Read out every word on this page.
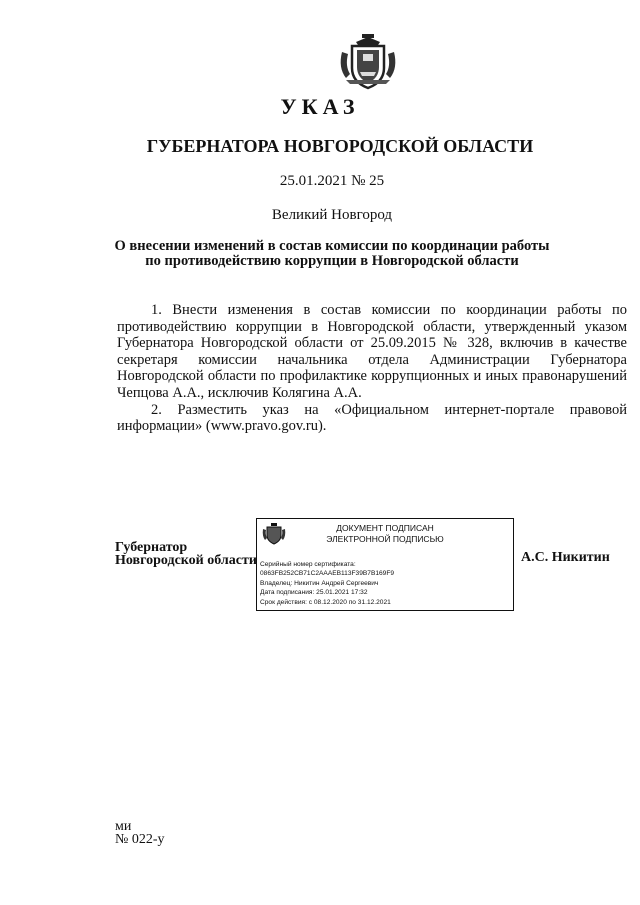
УКАЗ
ГУБЕРНАТОРА НОВГОРОДСКОЙ ОБЛАСТИ
25.01.2021 № 25
Великий Новгород
О внесении изменений в состав комиссии по координации работы
по противодействию коррупции в Новгородской области

1. Внести изменения в состав комиссии по координации работы по противодействию коррупции в Новгородской области, утвержденный указом Губернатора Новгородской области от 25.09.2015 № 328, включив в качестве секретаря комиссии начальника отдела Администрации Губернатора Новгородской области по профилактике коррупционных и иных правонарушений Чепцова А.А., исключив Колягина А.А.

2. Разместить указ на «Официальном интернет-портале правовой информации» (www.pravo.gov.ru).

Губернатор
Новгородской области
ДОКУМЕНТ ПОДПИСАН
ЭЛЕКТРОННОЙ ПОДПИСЬЮ
Серийный номер сертификата:
0863FB252CB71C2AAAEB113F39B7B169F9
Владелец: Никитин Андрей Сергеевич
Дата подписания: 25.01.2021 17:32
Срок действия: с 08.12.2020 по 31.12.2021
А.С. Никитин
ми
№ 022-у
